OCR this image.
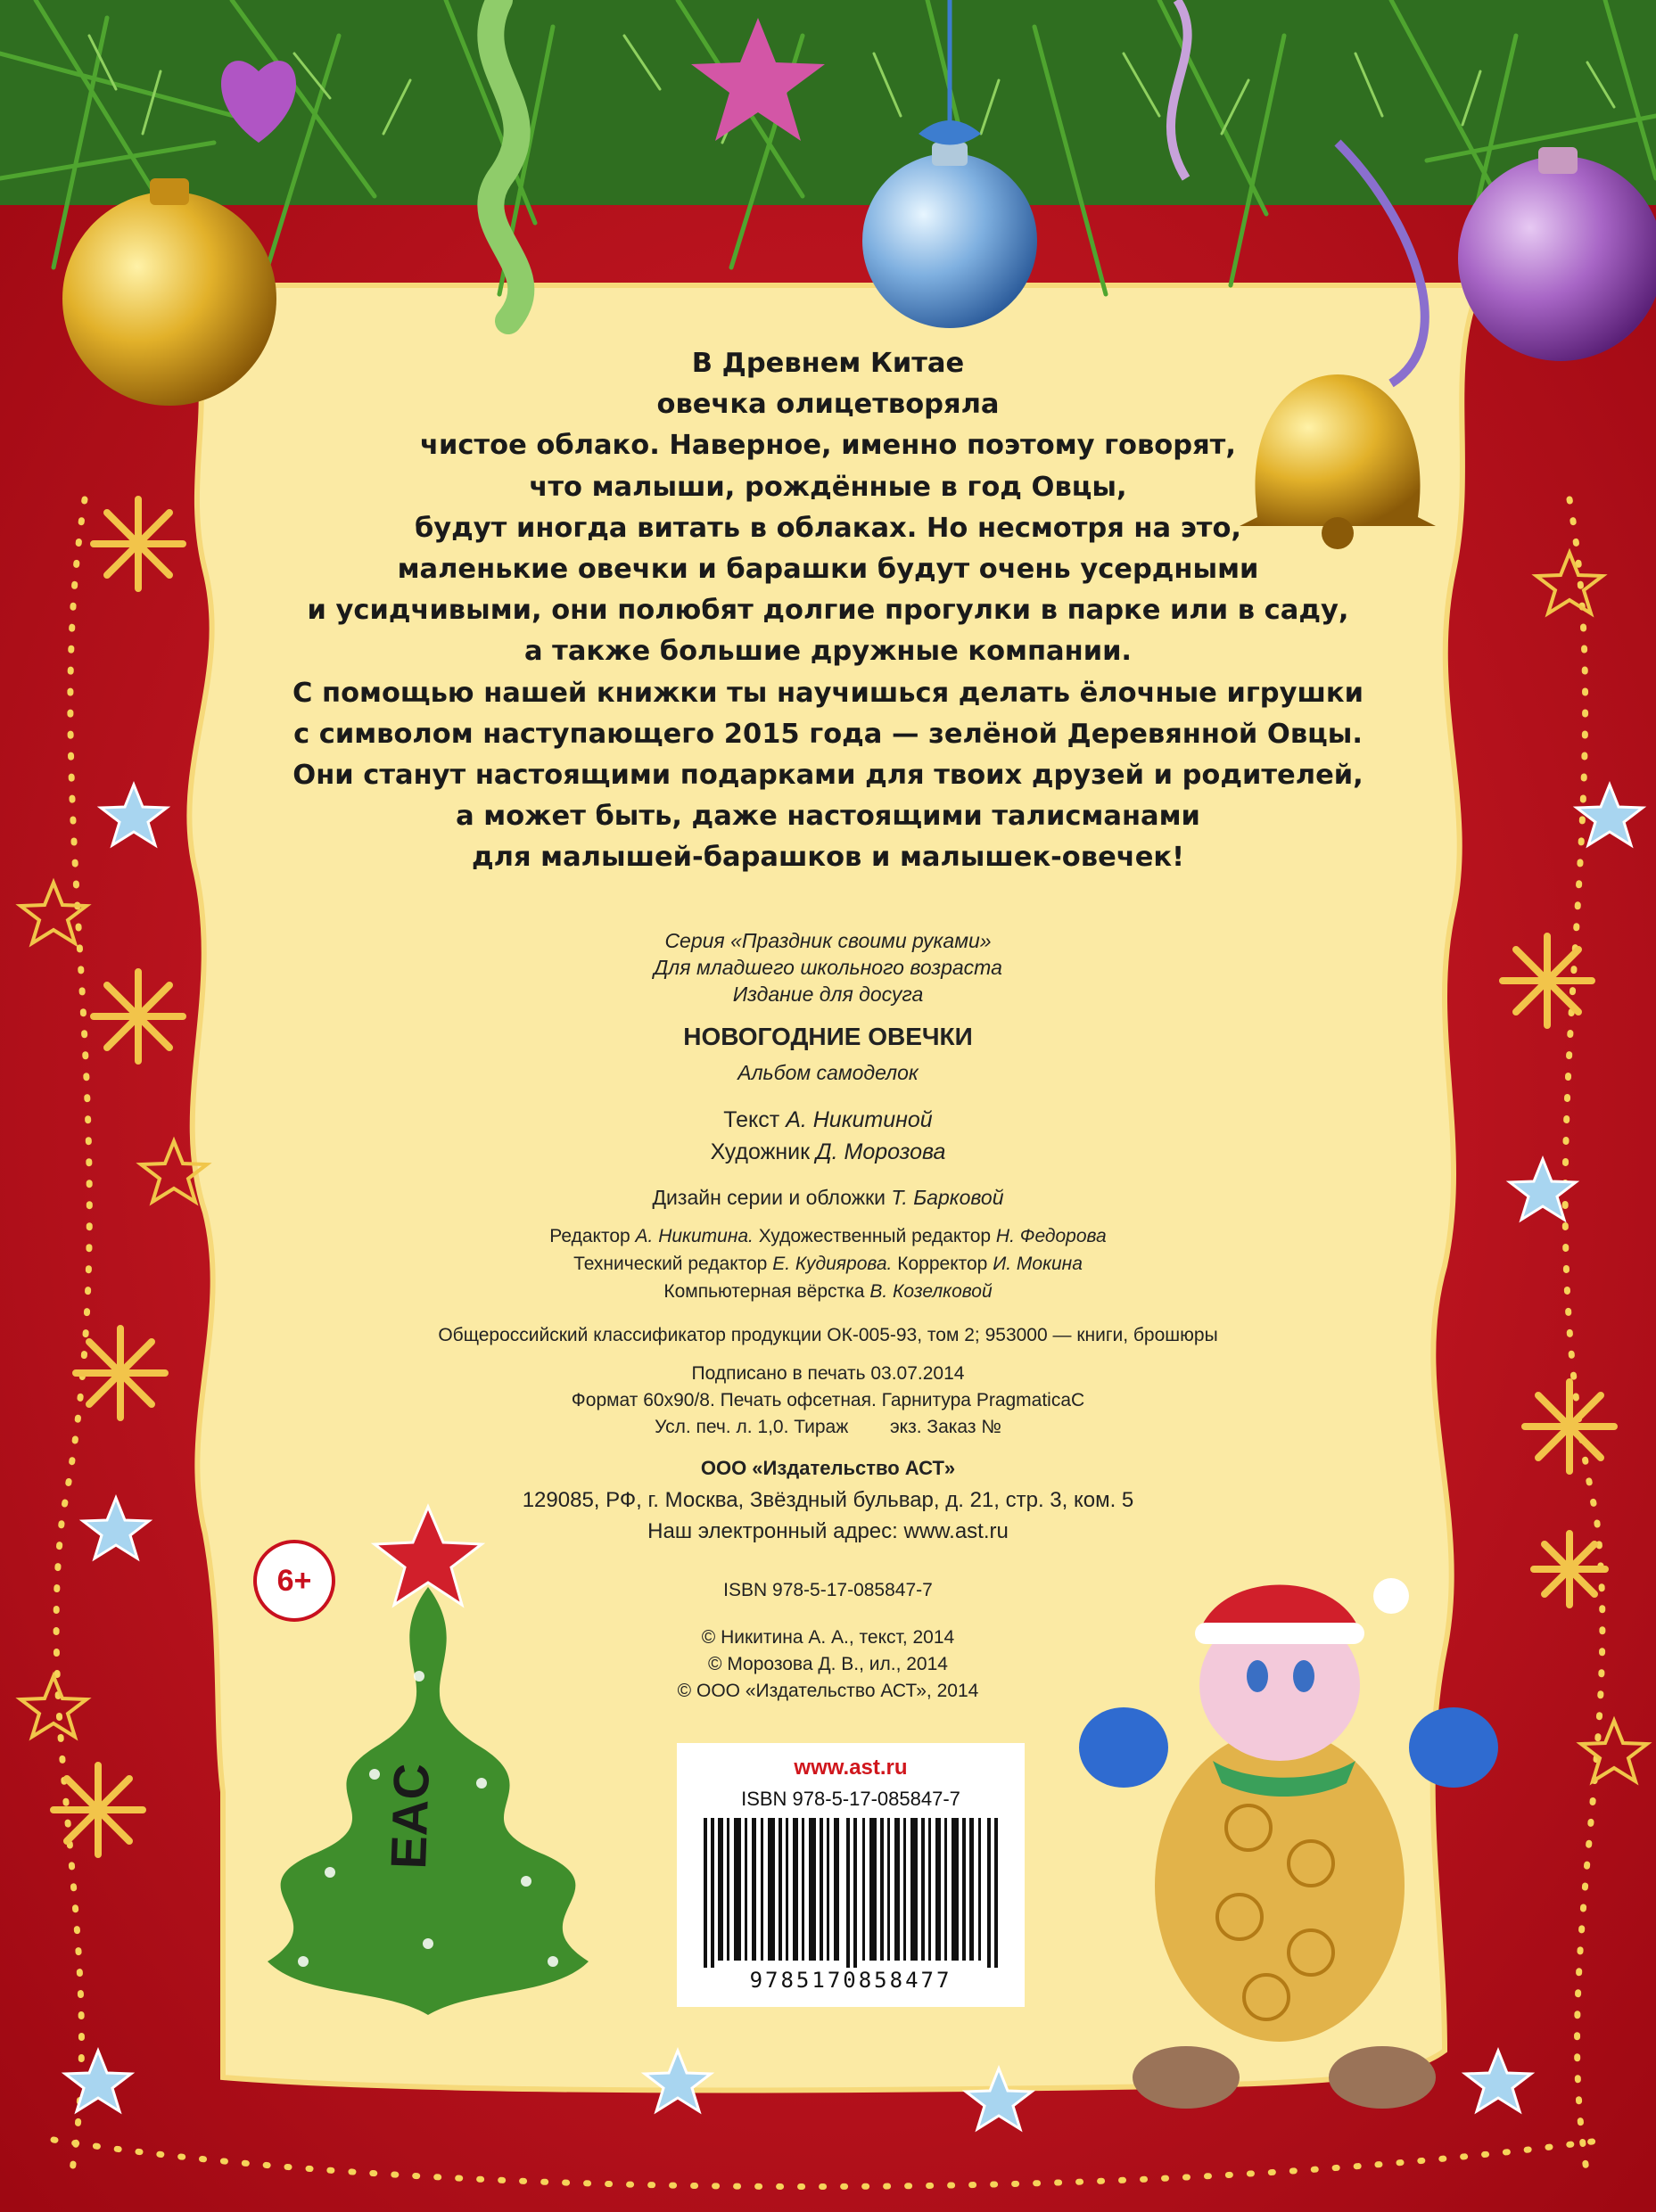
В Древнем Китае
овечка олицетворяла
чистое облако. Наверное, именно поэтому говорят,
что малыши, рождённые в год Овцы,
будут иногда витать в облаках. Но несмотря на это,
маленькие овечки и барашки будут очень усердными
и усидчивыми, они полюбят долгие прогулки в парке или в саду,
а также большие дружные компании.
С помощью нашей книжки ты научишься делать ёлочные игрушки
с символом наступающего 2015 года — зелёной Деревянной Овцы.
Они станут настоящими подарками для твоих друзей и родителей,
а может быть, даже настоящими талисманами
для малышей-барашков и малышек-овечек!
Серия «Праздник своими руками»
Для младшего школьного возраста
Издание для досуга
НОВОГОДНИЕ ОВЕЧКИ
Альбом самоделок
Текст А. Никитиной
Художник Д. Морозова
Дизайн серии и обложки Т. Барковой
Редактор А. Никитина. Художественный редактор Н. Федорова
Технический редактор Е. Кудиярова. Корректор И. Мокина
Компьютерная вёрстка В. Козелковой
Общероссийский классификатор продукции ОК-005-93, том 2; 953000 — книги, брошюры
Подписано в печать 03.07.2014
Формат 60x90/8. Печать офсетная. Гарнитура PragmaticaC
Усл. печ. л. 1,0. Тираж        экз. Заказ №
ООО «Издательство АСТ»
129085, РФ, г. Москва, Звёздный бульвар, д. 21, стр. 3, ком. 5
Наш электронный адрес: www.ast.ru
ISBN 978-5-17-085847-7
© Никитина А. А., текст, 2014
© Морозова Д. В., ил., 2014
© ООО «Издательство АСТ», 2014
6+
EAC	www.ast.ru
ISBN 978-5-17-085847-7
9785170858477
